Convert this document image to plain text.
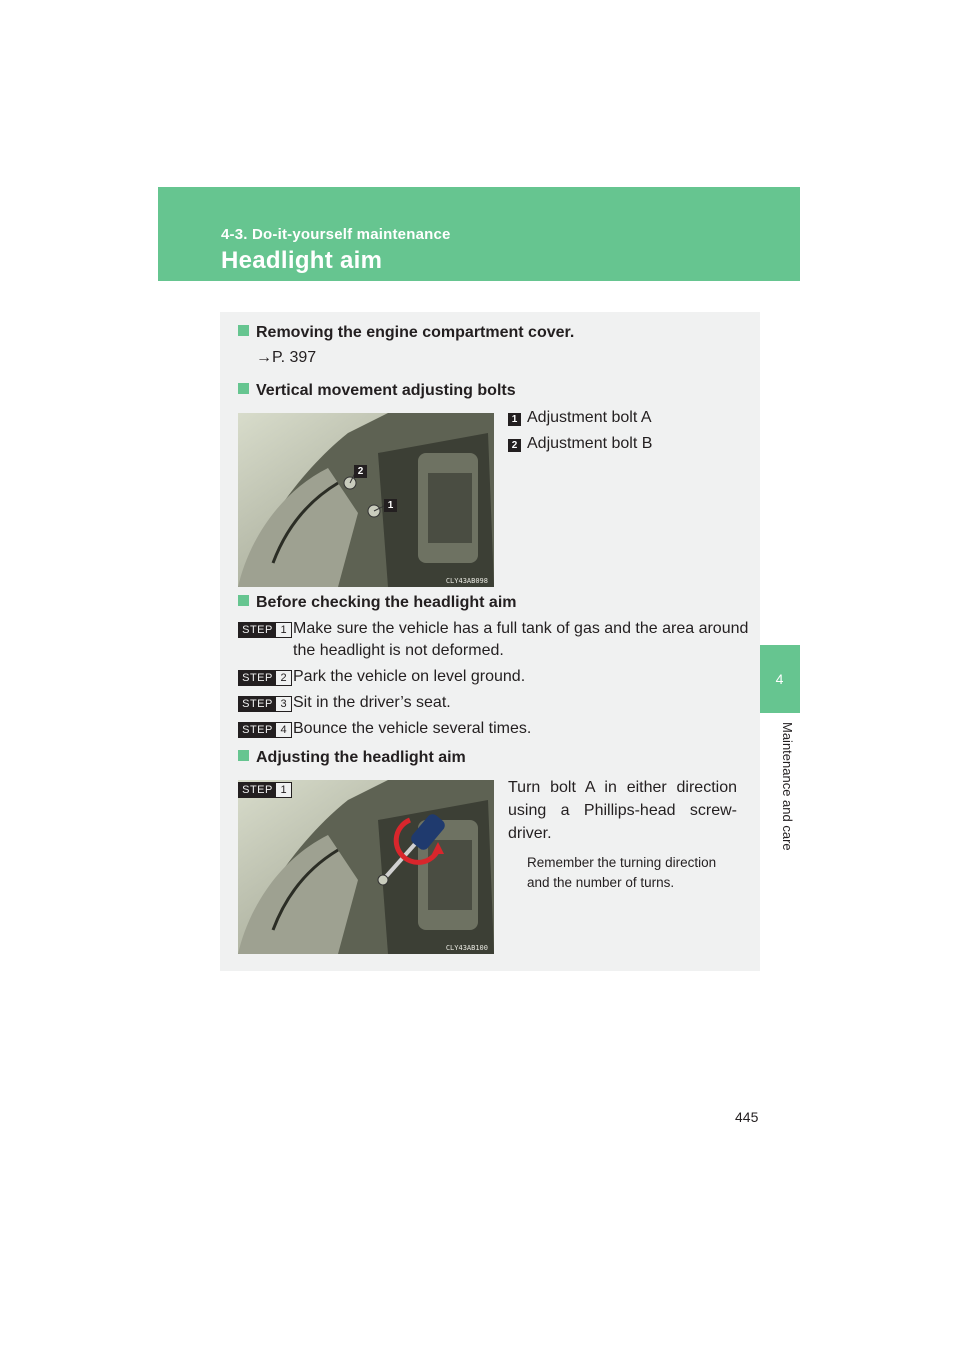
4-3. Do-it-yourself maintenance
Headlight aim
4
Maintenance and care
Removing the engine compartment cover.
→P. 397
Vertical movement adjusting bolts
2
1
CLY43AB098
1 Adjustment bolt A
2 Adjustment bolt B
Before checking the headlight aim
STEP 1 Make sure the vehicle has a full tank of gas and the area around
the headlight is not deformed.
STEP 2 Park the vehicle on level ground.
STEP 3 Sit in the driver’s seat.
STEP 4 Bounce the vehicle several times.
Adjusting the headlight aim
CLY43AB100
STEP 1	Turn bolt A in either direction
using a Phillips-head screw-
driver.
Remember the turning direction
and the number of turns.
445
